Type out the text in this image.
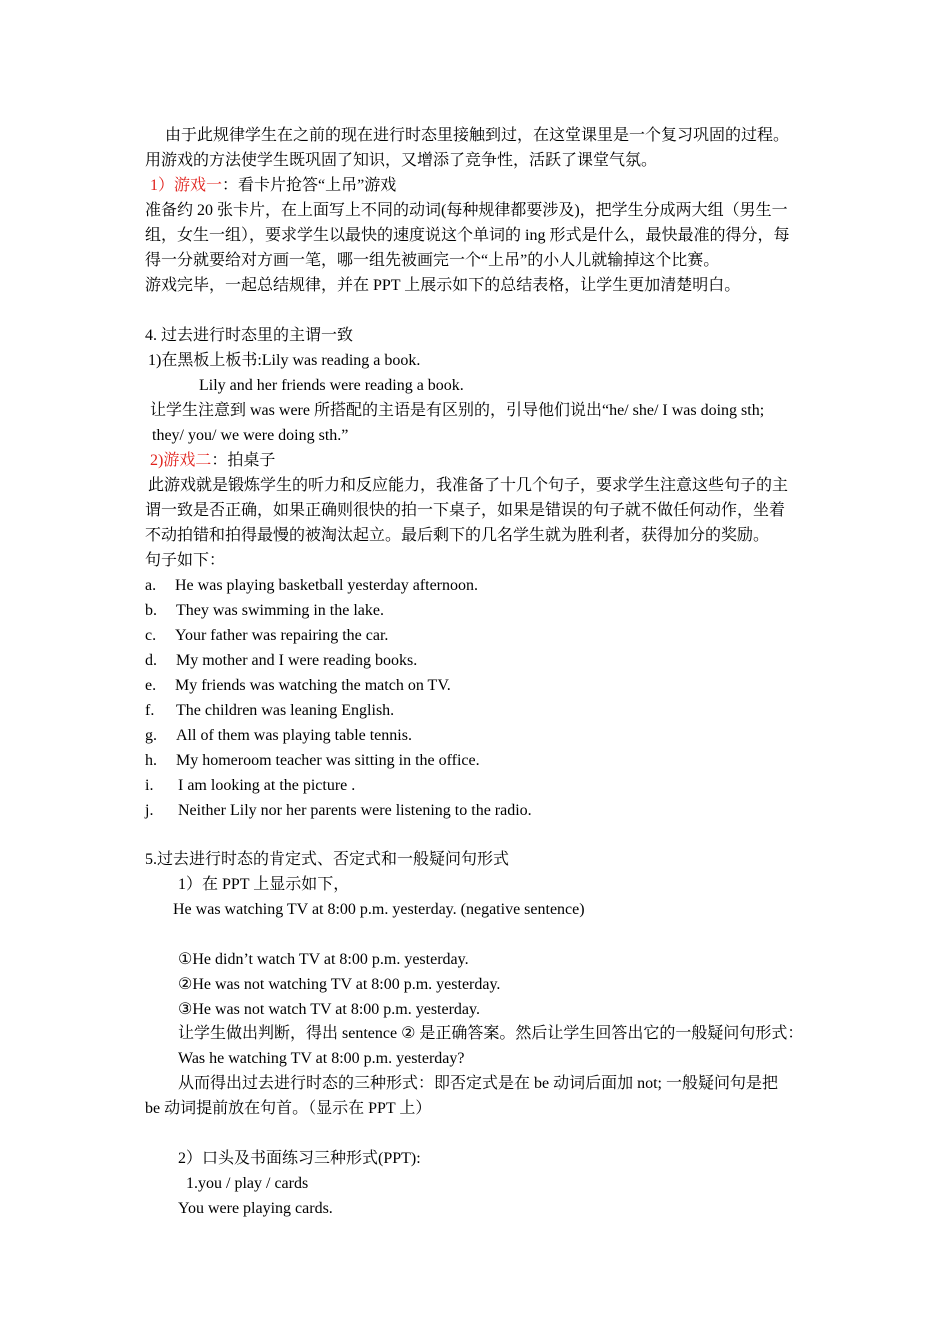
由于此规律学生在之前的现在进行时态里接触到过，在这堂课里是一个复习巩固的过程。
用游戏的方法使学生既巩固了知识，又增添了竞争性，活跃了课堂气氛。
1）游戏一：看卡片抢答“上吊”游戏
准备约 20 张卡片，在上面写上不同的动词(每种规律都要涉及)，把学生分成两大组（男生一
组，女生一组），要求学生以最快的速度说这个单词的 ing 形式是什么，最快最准的得分，每
得一分就要给对方画一笔，哪一组先被画完一个“上吊”的小人儿就输掉这个比赛。
游戏完毕，一起总结规律，并在 PPT 上展示如下的总结表格，让学生更加清楚明白。
4. 过去进行时态里的主谓一致
1)在黑板上板书:Lily was reading a book.
Lily and her friends were reading a book.
让学生注意到 was were 所搭配的主语是有区别的，引导他们说出“he/ she/ I was doing sth;
they/ you/ we were doing sth.”
2)游戏二：拍桌子
此游戏就是锻炼学生的听力和反应能力，我准备了十几个句子，要求学生注意这些句子的主
谓一致是否正确，如果正确则很快的拍一下桌子，如果是错误的句子就不做任何动作，坐着
不动拍错和拍得最慢的被淘汰起立。最后剩下的几名学生就为胜利者，获得加分的奖励。
句子如下：
a. He was playing basketball yesterday afternoon.
b. They was swimming in the lake.
c. Your father was repairing the car.
d. My mother and I were reading books.
e. My friends was watching the match on TV.
f. The children was leaning English.
g. All of them was playing table tennis.
h. My homeroom teacher was sitting in the office.
i. I am looking at the picture .
j. Neither Lily nor her parents were listening to the radio.
5.过去进行时态的肯定式、否定式和一般疑问句形式
1）在 PPT 上显示如下，
He was watching TV at 8:00 p.m. yesterday. (negative sentence)
①He didn’t watch TV at 8:00 p.m. yesterday.
②He was not watching TV at 8:00 p.m. yesterday.
③He was not watch TV at 8:00 p.m. yesterday.
让学生做出判断，得出 sentence ② 是正确答案。然后让学生回答出它的一般疑问句形式：
Was he watching TV at 8:00 p.m. yesterday?
从而得出过去进行时态的三种形式：即否定式是在 be 动词后面加 not; 一般疑问句是把
be 动词提前放在句首。（显示在 PPT 上）
2）口头及书面练习三种形式(PPT):
1.you / play / cards
You were playing cards.
